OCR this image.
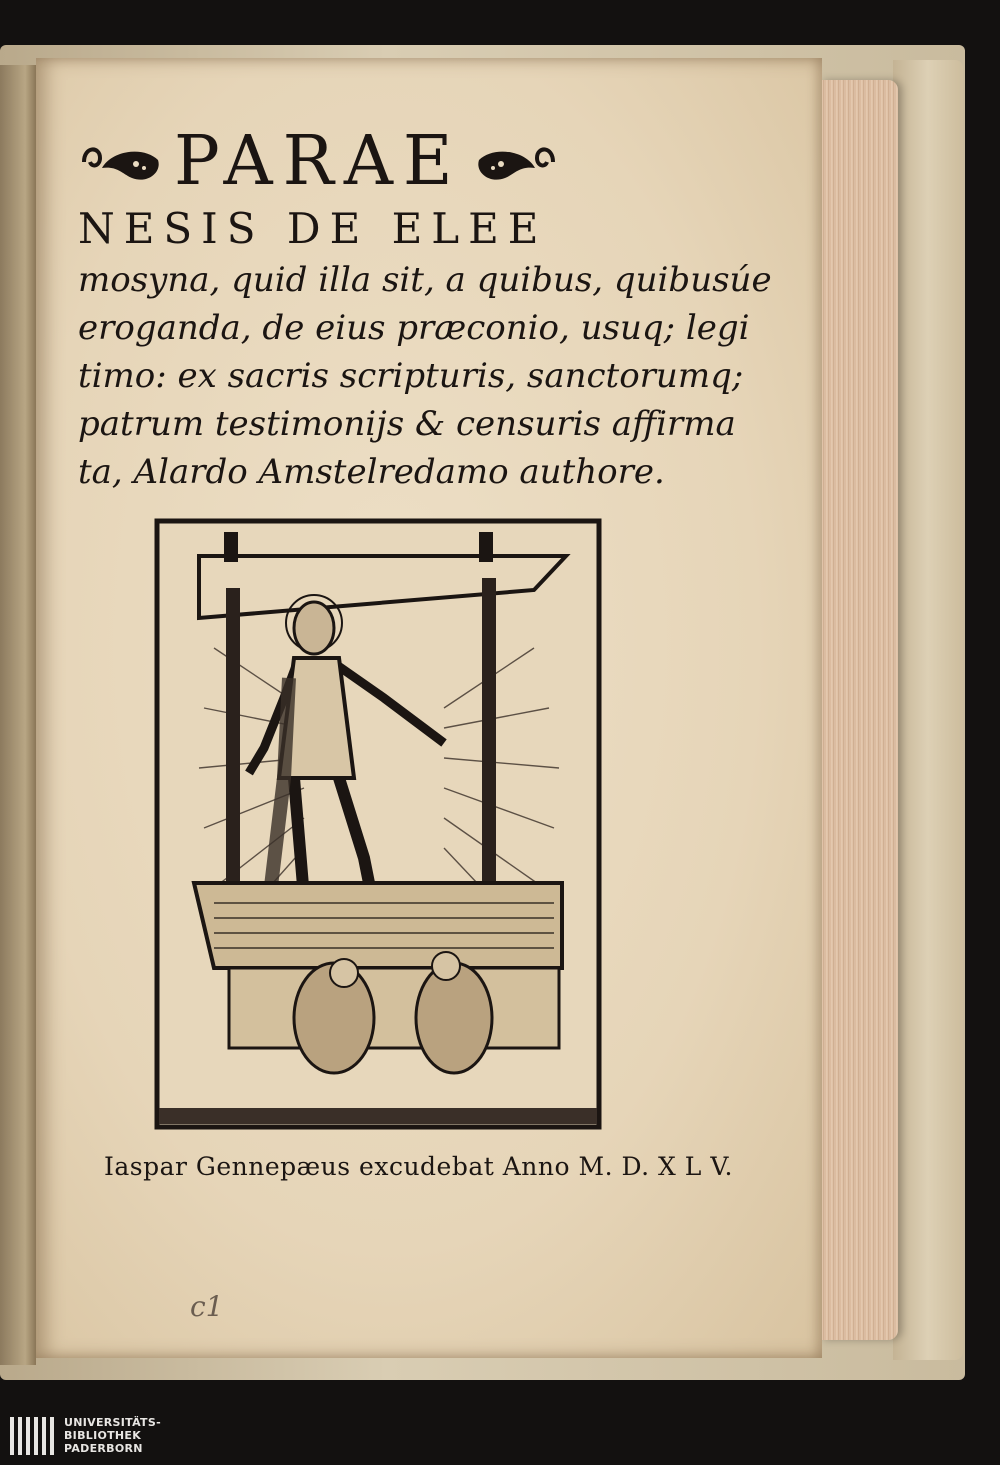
PARAE
NESIS DE ELEE
mosyna, quid illa sit, a quibus, quibusúe
eroganda, de eius præconio, usuq; legi
timo: ex sacris scripturis, sanctorumq;
patrum testimonijs & censuris affirma
ta, Alardo Amstelredamo authore.
Iaspar Gennepæus excudebat Anno M. D. X L V.
c1
UNIVERSITÄTS-
BIBLIOTHEK
PADERBORN
